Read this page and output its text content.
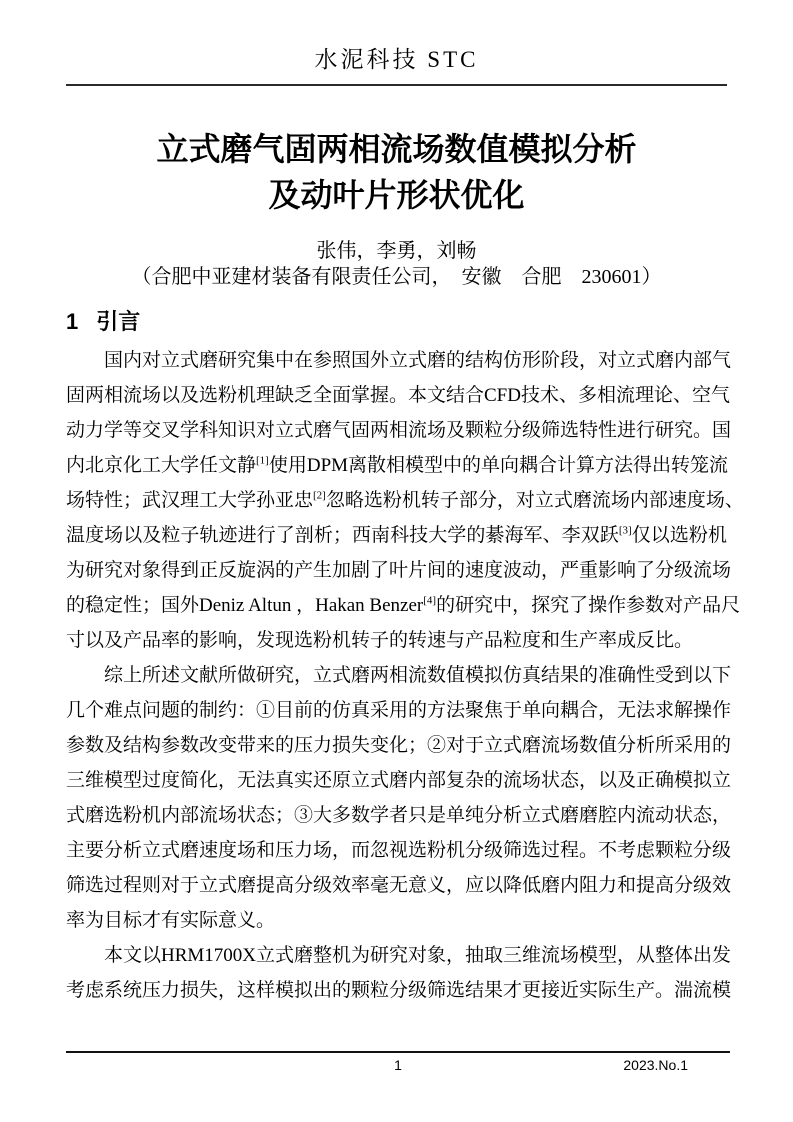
水泥科技 STC
立式磨气固两相流场数值模拟分析
及动叶片形状优化
张伟，李勇，刘畅
（合肥中亚建材装备有限责任公司，　安徽　合肥　230601）
1 引言
国内对立式磨研究集中在参照国外立式磨的结构仿形阶段，对立式磨内部气
固两相流场以及选粉机理缺乏全面掌握。本文结合CFD技术、多相流理论、空气
动力学等交叉学科知识对立式磨气固两相流场及颗粒分级筛选特性进行研究。国
内北京化工大学任文静[1]使用DPM离散相模型中的单向耦合计算方法得出转笼流
场特性；武汉理工大学孙亚忠[2]忽略选粉机转子部分，对立式磨流场内部速度场、
温度场以及粒子轨迹进行了剖析；西南科技大学的綦海军、李双跃[3]仅以选粉机
为研究对象得到正反旋涡的产生加剧了叶片间的速度波动，严重影响了分级流场
的稳定性；国外Deniz Altun ，Hakan Benzer[4]的研究中，探究了操作参数对产品尺
寸以及产品率的影响，发现选粉机转子的转速与产品粒度和生产率成反比。
综上所述文献所做研究，立式磨两相流数值模拟仿真结果的准确性受到以下
几个难点问题的制约：①目前的仿真采用的方法聚焦于单向耦合，无法求解操作
参数及结构参数改变带来的压力损失变化；②对于立式磨流场数值分析所采用的
三维模型过度简化，无法真实还原立式磨内部复杂的流场状态，以及正确模拟立
式磨选粉机内部流场状态；③大多数学者只是单纯分析立式磨磨腔内流动状态，
主要分析立式磨速度场和压力场，而忽视选粉机分级筛选过程。不考虑颗粒分级
筛选过程则对于立式磨提高分级效率毫无意义，应以降低磨内阻力和提高分级效
率为目标才有实际意义。
本文以HRM1700X立式磨整机为研究对象，抽取三维流场模型，从整体出发
考虑系统压力损失，这样模拟出的颗粒分级筛选结果才更接近实际生产。湍流模
1	2023.No.1
